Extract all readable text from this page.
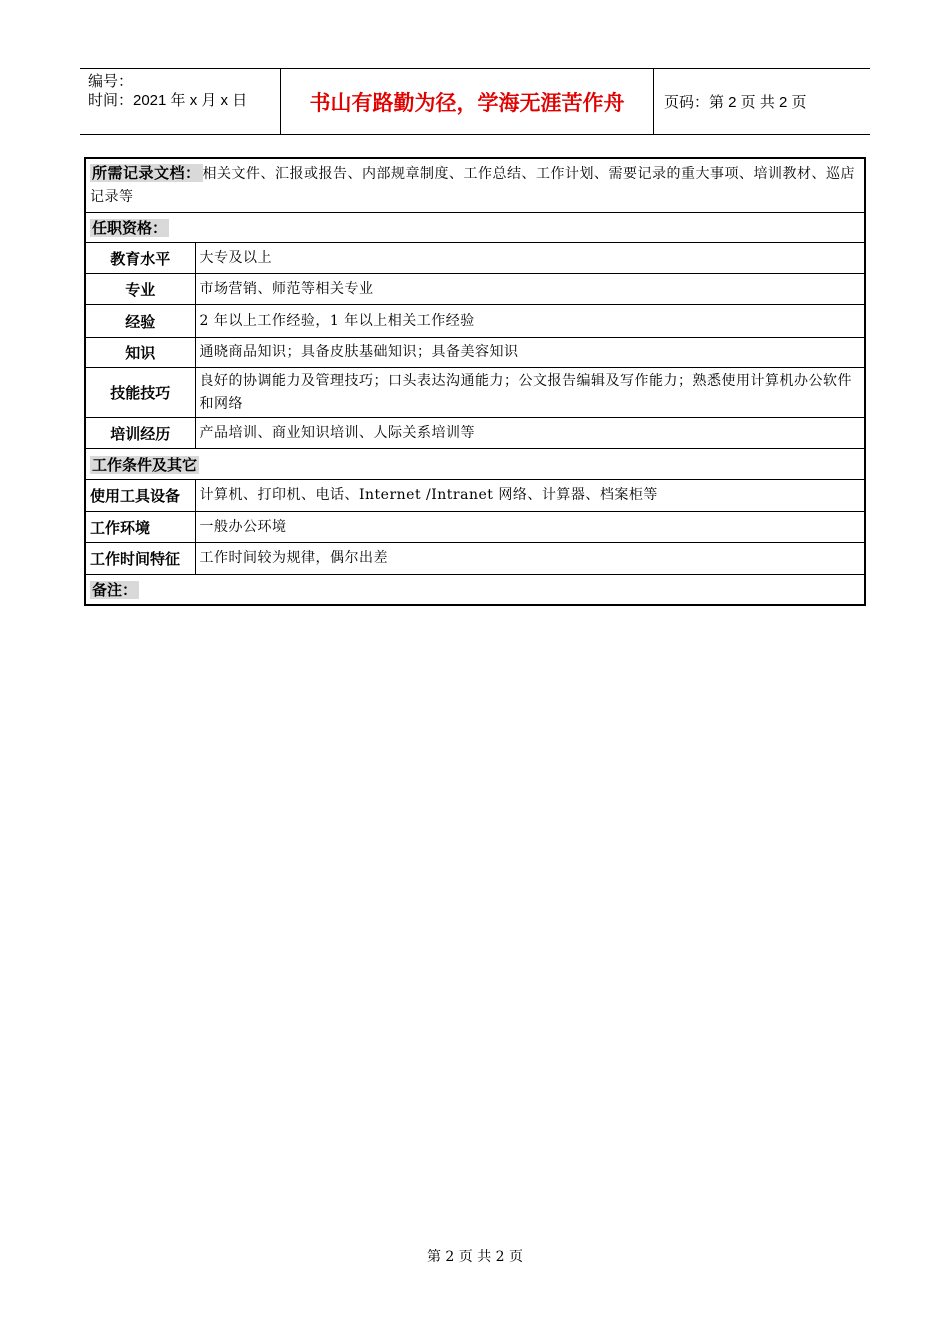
编号：
时间：2021 年 x 月 x 日	书山有路勤为径，学海无涯苦作舟	页码：第 2 页 共 2 页
所需记录文档： 相关文件、汇报或报告、内部规章制度、工作总结、工作计划、需要记录的重大事项、培训教材、巡店记录等	
任职资格：	
教育水平	大专及以上
专业	市场营销、师范等相关专业
经验	2 年以上工作经验，1 年以上相关工作经验
知识	通晓商品知识；具备皮肤基础知识；具备美容知识
技能技巧	良好的协调能力及管理技巧；口头表达沟通能力；公文报告编辑及写作能力；熟悉使用计算机办公软件和网络
培训经历	产品培训、商业知识培训、人际关系培训等
工作条件及其它	
使用工具设备	计算机、打印机、电话、Internet /Intranet 网络、计算器、档案柜等
工作环境	一般办公环境
工作时间特征	工作时间较为规律，偶尔出差
备注：	
第 2 页 共 2 页
